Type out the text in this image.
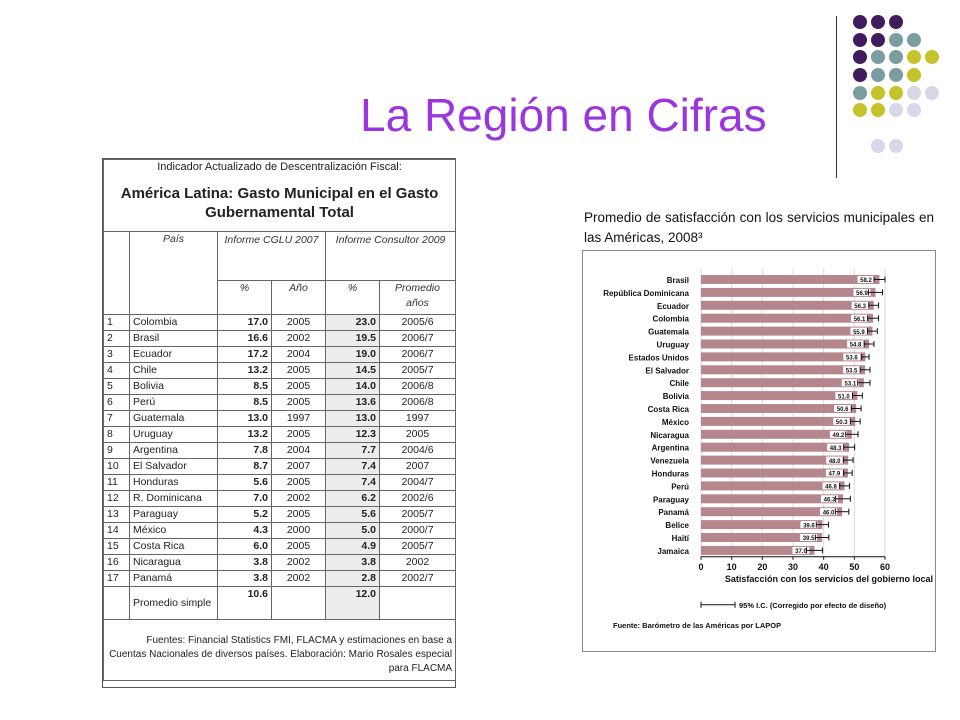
La Región en Cifras
Indicador Actualizado de Descentralización Fiscal:					
América Latina: Gasto Municipal en el Gasto Gubernamental Total					
	País	Informe CGLU 2007		Informe Consultor 2009	
		%	Año	%	Promedio años
1	Colombia	17.0	2005	23.0	2005/6
2	Brasil	16.6	2002	19.5	2006/7
3	Ecuador	17.2	2004	19.0	2006/7
4	Chile	13.2	2005	14.5	2005/7
5	Bolivia	8.5	2005	14.0	2006/8
6	Perú	8.5	2005	13.6	2006/8
7	Guatemala	13.0	1997	13.0	1997
8	Uruguay	13.2	2005	12.3	2005
9	Argentina	7.8	2004	7.7	2004/6
10	El Salvador	8.7	2007	7.4	2007
11	Honduras	5.6	2005	7.4	2004/7
12	R. Dominicana	7.0	2002	6.2	2002/6
13	Paraguay	5.2	2005	5.6	2005/7
14	México	4.3	2000	5.0	2000/7
15	Costa Rica	6.0	2005	4.9	2005/7
16	Nicaragua	3.8	2002	3.8	2002
17	Panamá	3.8	2002	2.8	2002/7
	Promedio simple	10.6		12.0	
Fuentes: Financial Statistics FMI, FLACMA y estimaciones en base a Cuentas Nacionales de diversos países. Elaboración: Mario Rosales especial para FLACMA					
Promedio de satisfacción con los servicios municipales en las Américas, 2008³
Brasil	58.2
República Dominicana	56.9
Ecuador	56.3
Colombia	56.1
Guatemala	55.9
Uruguay	54.8
Estados Unidos	53.6
El Salvador	53.5
Chile	53.1
Bolivia	51.0
Costa Rica	50.6
México	50.3
Nicaragua	49.2
Argentina	48.3
Venezuela	48.0
Honduras	47.9
Perú	46.8
Paraguay	46.3
Panamá	46.0
Belice	39.6
Haití	39.5
Jamaica	37.0
0	10 20 30 40 50 60
Satisfacción con los servicios del gobierno local
95% I.C. (Corregido por efecto de diseño)
Fuente: Barómetro de las Américas por LAPOP
